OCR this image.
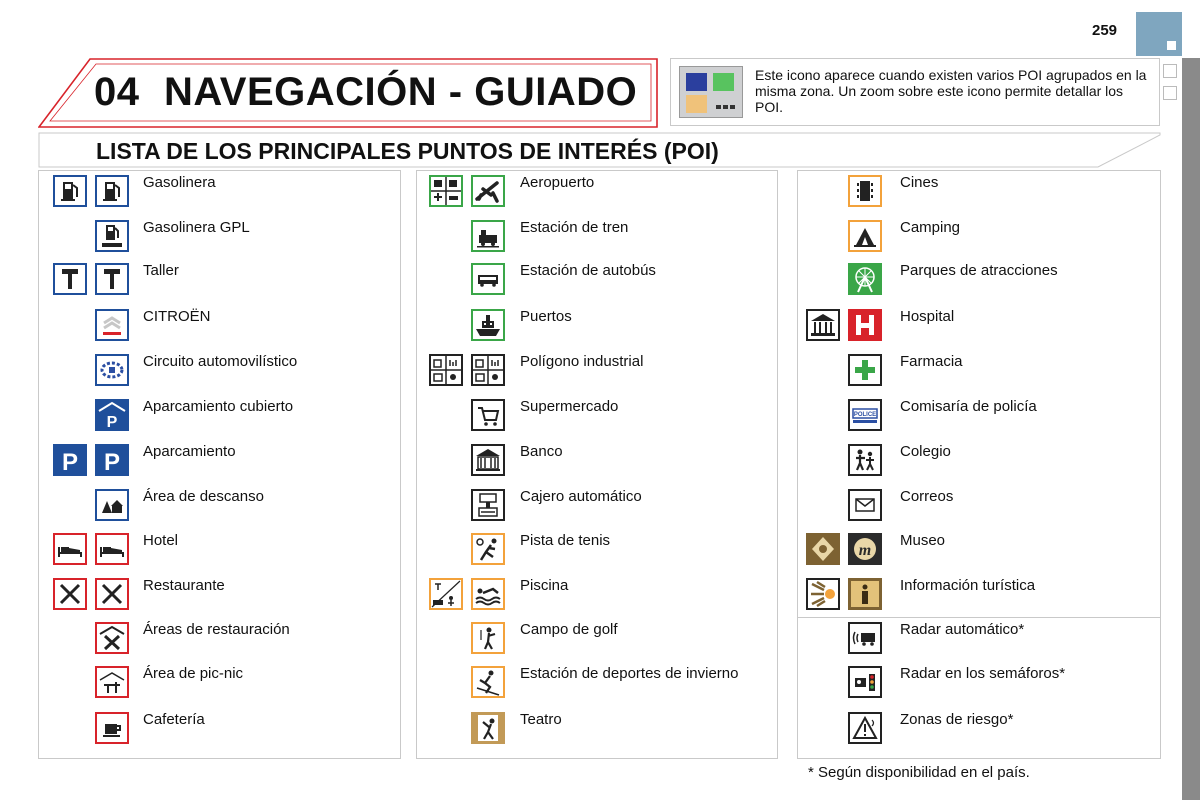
259
04 NAVEGACIÓN - GUIADO	Este icono aparece cuando existen varios POI agrupados en la misma zona. Un zoom sobre este icono permite detallar los POI.
LISTA DE LOS PRINCIPALES PUNTOS DE INTERÉS (POI)
Gasolinera
Gasolinera GPL
Taller
CITROËN
Circuito automovilístico
Aparcamiento cubierto
P
Aparcamiento
P P
Área de descanso
Hotel
Restaurante
Áreas de restauración
Área de pic-nic
Cafetería
Aeropuerto
Estación de tren
Estación de autobús
Puertos
Polígono industrial
Supermercado
Banco
Cajero automático
Pista de tenis
Piscina
Campo de golf
Estación de deportes de invierno
Teatro
Cines
Camping
Parques de atracciones
Hospital
Farmacia
Comisaría de policía
POLICE
Colegio
Correos
Museo
m
Información turística
Radar automático*
Radar en los semáforos*
Zonas de riesgo*
* Según disponibilidad en el país.
